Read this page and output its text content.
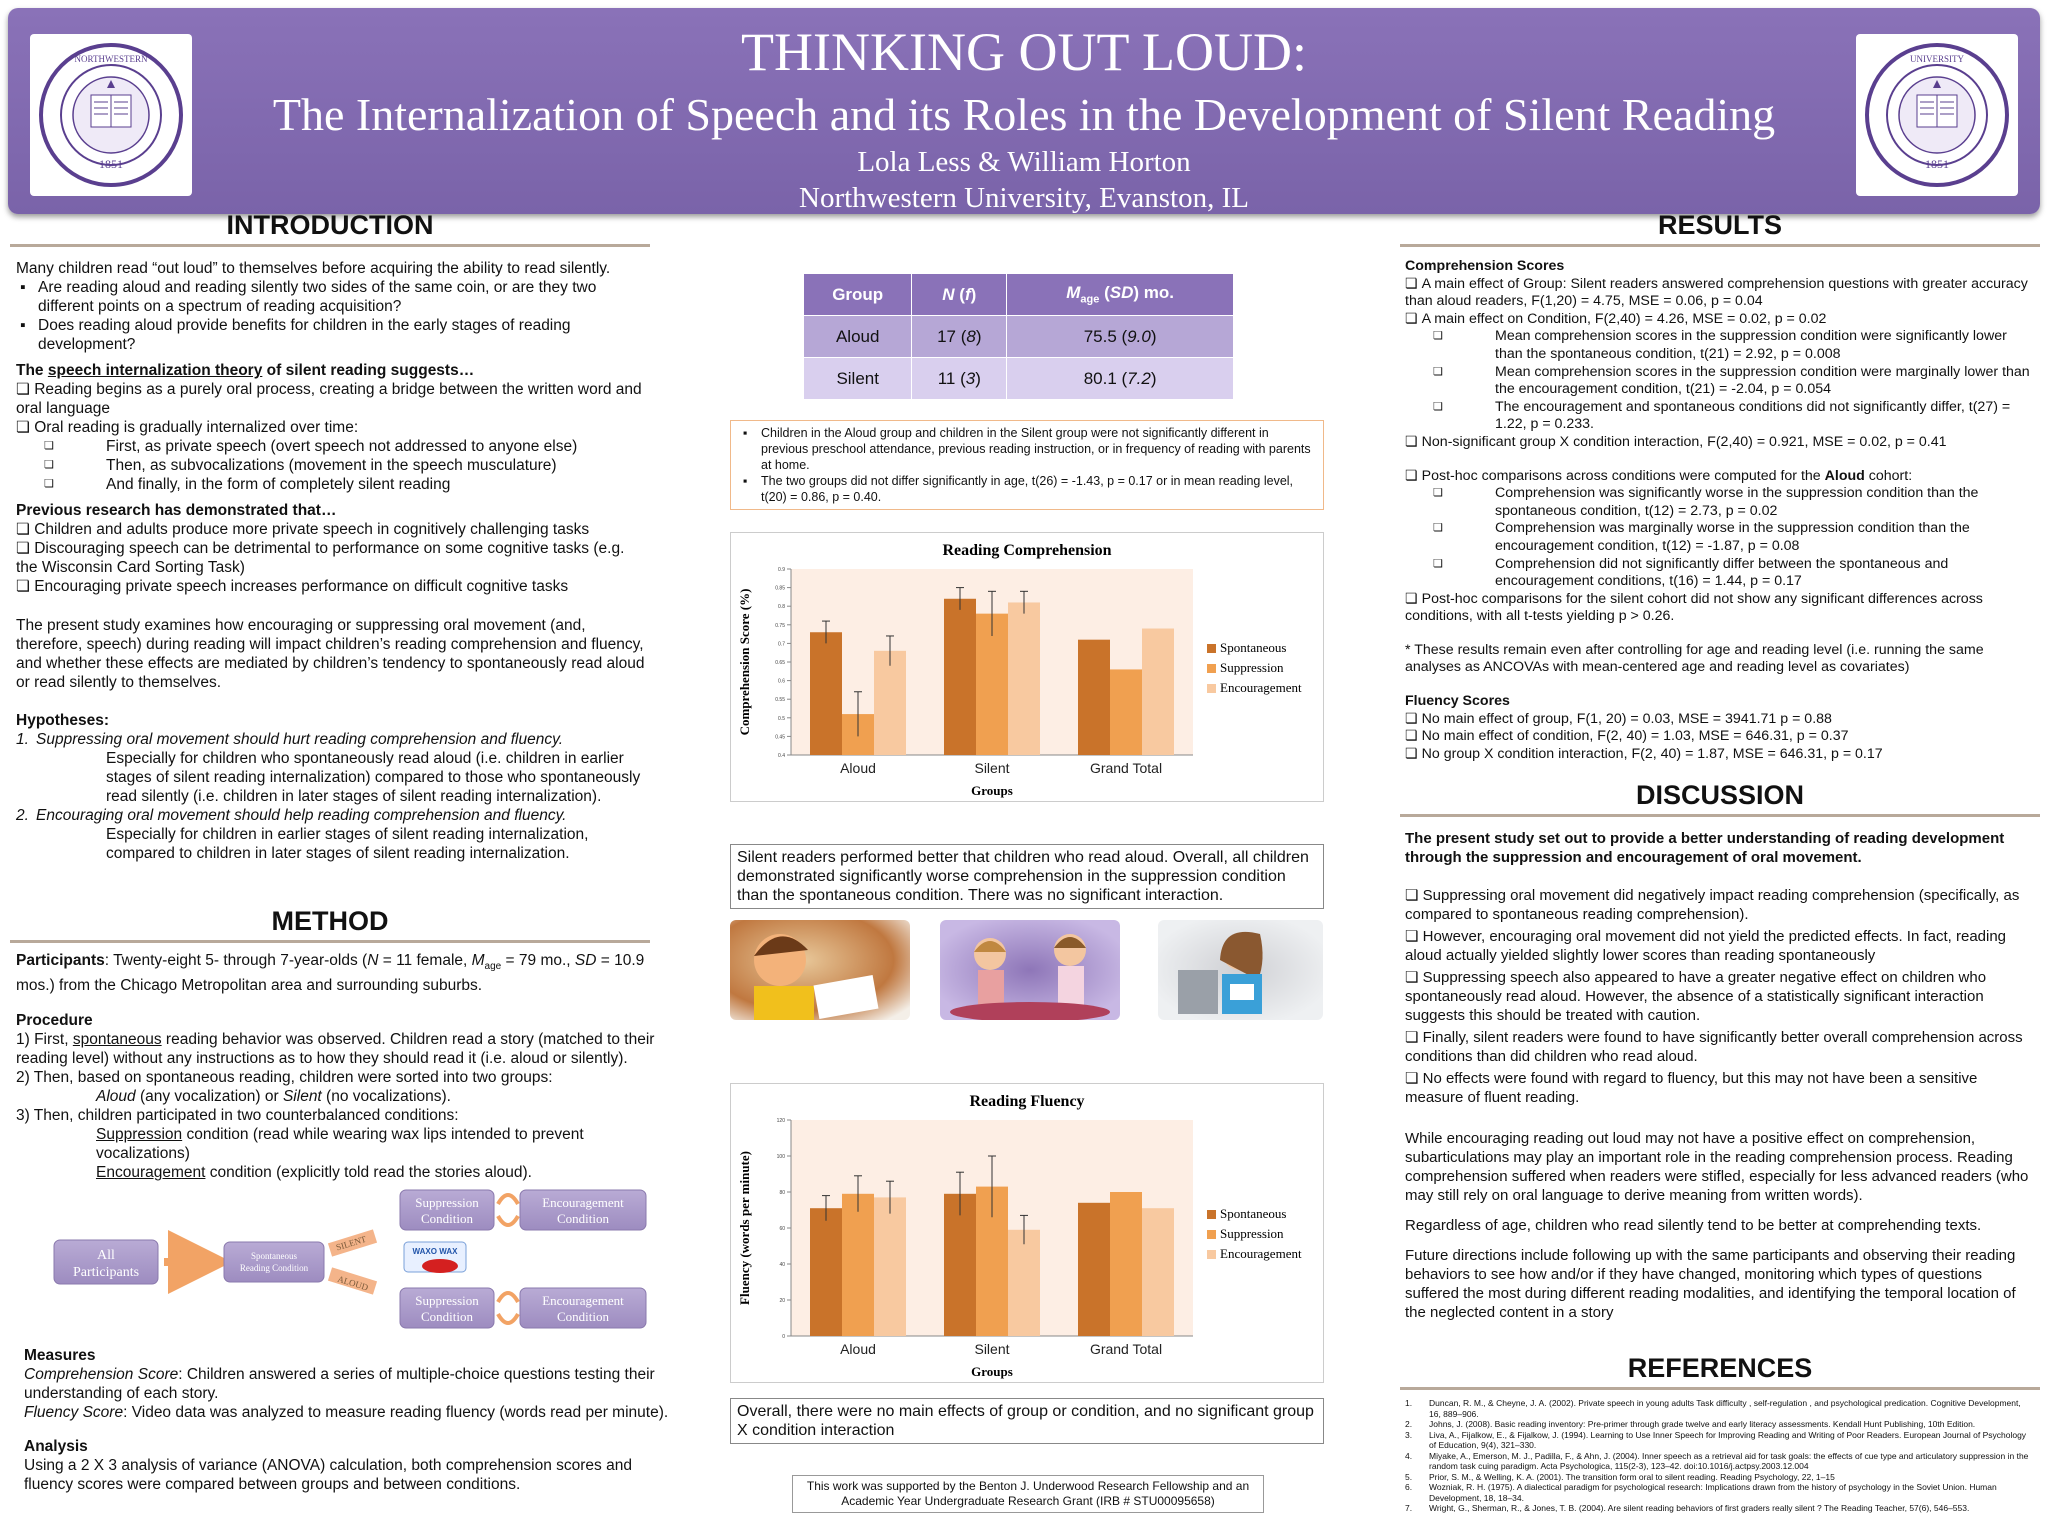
1851
NORTHWESTERN
1851
UNIVERSITY
THINKING OUT LOUD:
The Internalization of Speech and its Roles in the Development of Silent Reading
Lola Less & William Horton
Northwestern University, Evanston, IL
INTRODUCTION

Many children read “out loud” to themselves before acquiring the ability to read silently.

▪ Are reading aloud and reading silently two sides of the same coin, or are they two different points on a spectrum of reading acquisition?

▪ Does reading aloud provide benefits for children in the early stages of reading development?

The speech internalization theory of silent reading suggests…

❏ Reading begins as a purely oral process, creating a bridge between the written word and oral language

❏ Oral reading is gradually internalized over time:

❏ First, as private speech (overt speech not addressed to anyone else)

❏ Then, as subvocalizations (movement in the speech musculature)

❏ And finally, in the form of completely silent reading

Previous research has demonstrated that…

❏ Children and adults produce more private speech in cognitively challenging tasks

❏ Discouraging speech can be detrimental to performance on some cognitive tasks (e.g. the Wisconsin Card Sorting Task)

❏ Encouraging private speech increases performance on difficult cognitive tasks

The present study examines how encouraging or suppressing oral movement (and, therefore, speech) during reading will impact children’s reading comprehension and fluency, and whether these effects are mediated by children’s tendency to spontaneously read aloud or read silently to themselves.

Hypotheses:

1. Suppressing oral movement should hurt reading comprehension and fluency.

Especially for children who spontaneously read aloud (i.e. children in earlier stages of silent reading internalization) compared to those who spontaneously read silently (i.e. children in later stages of silent reading internalization).

2. Encouraging oral movement should help reading comprehension and fluency.

Especially for children in earlier stages of silent reading internalization, compared to children in later stages of silent reading internalization.

METHOD

Participants: Twenty-eight 5- through 7-year-olds (N = 11 female, $M_{age} = 79$ mo., SD = 10.9 mos.) from the Chicago Metropolitan area and surrounding suburbs.

Procedure

1) First, spontaneous reading behavior was observed. Children read a story (matched to their reading level) without any instructions as to how they should read it (i.e. aloud or silently).

2) Then, based on spontaneous reading, children were sorted into two groups:

Aloud (any vocalization) or Silent (no vocalizations).

3) Then, children participated in two counterbalanced conditions:

Suppression condition (read while wearing wax lips intended to prevent vocalizations)

Encouragement condition (explicitly told read the stories aloud).

All
Participants
Spontaneous
Reading Condition
SILENT
ALOUD
WAXO WAX
Suppression
Condition
Encouragement
Condition
Suppression
Condition
Encouragement
Condition

Measures

Comprehension Score: Children answered a series of multiple-choice questions testing their understanding of each story.

Fluency Score: Video data was analyzed to measure reading fluency (words read per minute).

Analysis

Using a 2 X 3 analysis of variance (ANOVA) calculation, both comprehension scores and fluency scores were compared between groups and between conditions.

Group	N (f)	$M_{age}$ (SD) mo.
Aloud	17 (8)	75.5 (9.0)
Silent	11 (3)	80.1 (7.2)

▪ Children in the Aloud group and children in the Silent group were not significantly different in previous preschool attendance, previous reading instruction, or in frequency of reading with parents at home.

▪ The two groups did not differ significantly in age, t(26) = -1.43, p = 0.17 or in mean reading level, t(20) = 0.86, p = 0.40.

Reading Comprehension
0.4
0.45
0.5
0.55
0.6
0.65
0.7
0.75
0.8
0.85
0.9
Comprehension Score (%)
Groups
Aloud	Silent	Grand Total
Spontaneous
Suppression
Encouragement
Silent readers performed better that children who read aloud. Overall, all children demonstrated significantly worse comprehension in the suppression condition than the spontaneous condition. There was no significant interaction.
Reading Fluency
0
20
40
60
80
100
120
Fluency (words per minute)
Groups
Aloud	Silent	Grand Total
Spontaneous
Suppression
Encouragement
Overall, there were no main effects of group or condition, and no significant group X condition interaction
This work was supported by the Benton J. Underwood Research Fellowship and an Academic Year Undergraduate Research Grant (IRB # STU00095658)
RESULTS

Comprehension Scores

❏ A main effect of Group: Silent readers answered comprehension questions with greater accuracy than aloud readers, F(1,20) = 4.75, MSE = 0.06, p = 0.04

❏ A main effect on Condition, F(2,40) = 4.26, MSE = 0.02, p = 0.02

❏ Mean comprehension scores in the suppression condition were significantly lower than the spontaneous condition, t(21) = 2.92, p = 0.008

❏ Mean comprehension scores in the suppression condition were marginally lower than the encouragement condition, t(21) = -2.04, p = 0.054

❏ The encouragement and spontaneous conditions did not significantly differ, t(27) = 1.22, p = 0.233.

❏ Non-significant group X condition interaction, F(2,40) = 0.921, MSE = 0.02, p = 0.41

❏ Post-hoc comparisons across conditions were computed for the Aloud cohort:

❏ Comprehension was significantly worse in the suppression condition than the spontaneous condition, t(12) = 2.73, p = 0.02

❏ Comprehension was marginally worse in the suppression condition than the encouragement condition, t(12) = -1.87, p = 0.08

❏ Comprehension did not significantly differ between the spontaneous and encouragement conditions, t(16) = 1.44, p = 0.17

❏ Post-hoc comparisons for the silent cohort did not show any significant differences across conditions, with all t-tests yielding p > 0.26.

* These results remain even after controlling for age and reading level (i.e. running the same analyses as ANCOVAs with mean-centered age and reading level as covariates)

Fluency Scores

❏ No main effect of group, F(1, 20) = 0.03, MSE = 3941.71 p = 0.88

❏ No main effect of condition, F(2, 40) = 1.03, MSE = 646.31, p = 0.37

❏ No group X condition interaction, F(2, 40) = 1.87, MSE = 646.31, p = 0.17

DISCUSSION

The present study set out to provide a better understanding of reading development through the suppression and encouragement of oral movement.

❏ Suppressing oral movement did negatively impact reading comprehension (specifically, as compared to spontaneous reading comprehension).

❏ However, encouraging oral movement did not yield the predicted effects. In fact, reading aloud actually yielded slightly lower scores than reading spontaneously

❏ Suppressing speech also appeared to have a greater negative effect on children who spontaneously read aloud. However, the absence of a statistically significant interaction suggests this should be treated with caution.

❏ Finally, silent readers were found to have significantly better overall comprehension across conditions than did children who read aloud.

❏ No effects were found with regard to fluency, but this may not have been a sensitive measure of fluent reading.

While encouraging reading out loud may not have a positive effect on comprehension, subarticulations may play an important role in the reading comprehension process. Reading comprehension suffered when readers were stifled, especially for less advanced readers (who may still rely on oral language to derive meaning from written words).

Regardless of age, children who read silently tend to be better at comprehending texts.

Future directions include following up with the same participants and observing their reading behaviors to see how and/or if they have changed, monitoring which types of questions suffered the most during different reading modalities, and identifying the temporal location of the neglected content in a story

REFERENCES

1. Duncan, R. M., & Cheyne, J. A. (2002). Private speech in young adults Task difficulty , self-regulation , and psychological predication. Cognitive Development, 16, 889–906.

2. Johns, J. (2008). Basic reading inventory: Pre-primer through grade twelve and early literacy assessments. Kendall Hunt Publishing, 10th Edition.

3. Liva, A., Fijalkow, E., & Fijalkow, J. (1994). Learning to Use Inner Speech for Improving Reading and Writing of Poor Readers. European Journal of Psychology of Education, 9(4), 321–330.

4. Miyake, A., Emerson, M. J., Padilla, F., & Ahn, J. (2004). Inner speech as a retrieval aid for task goals: the effects of cue type and articulatory suppression in the random task cuing paradigm. Acta Psychologica, 115(2-3), 123–42. doi:10.1016/j.actpsy.2003.12.004

5. Prior, S. M., & Welling, K. A. (2001). The transition form oral to silent reading. Reading Psychology, 22, 1–15

6. Wozniak, R. H. (1975). A dialectical paradigm for psychological research: Implications drawn from the history of psychology in the Soviet Union. Human Development, 18, 18–34.

7. Wright, G., Sherman, R., & Jones, T. B. (2004). Are silent reading behaviors of first graders really silent ? The Reading Teacher, 57(6), 546–553.
